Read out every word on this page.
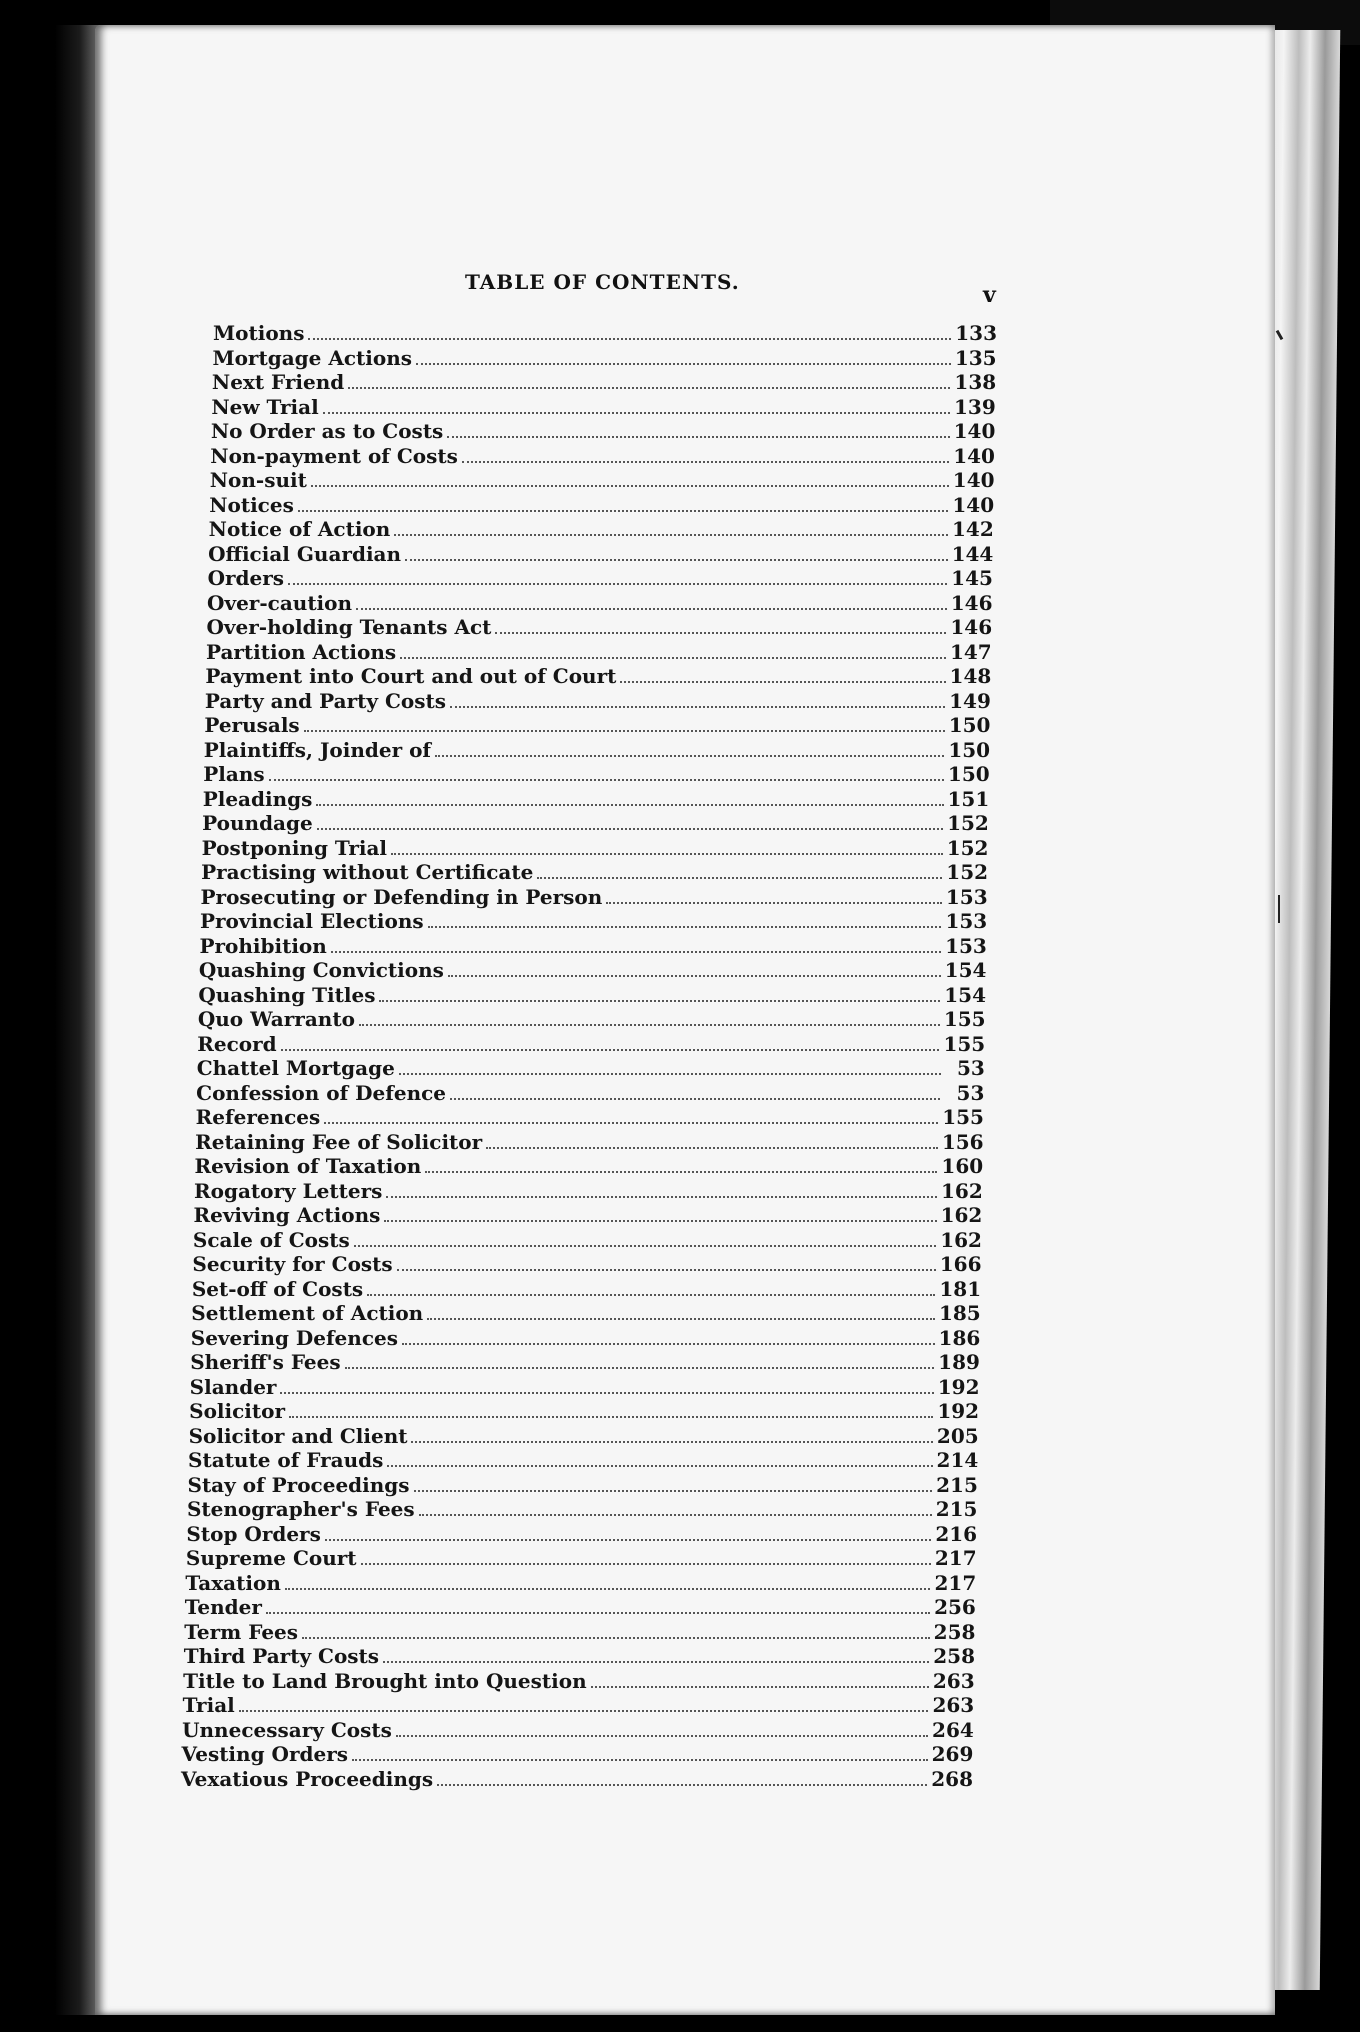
TABLE OF CONTENTS.	v
Motions	133
Mortgage Actions	135
Next Friend	138
New Trial	139
No Order as to Costs	140
Non-payment of Costs	140
Non-suit	140
Notices	140
Notice of Action	142
Official Guardian	144
Orders	145
Over-caution	146
Over-holding Tenants Act	146
Partition Actions	147
Payment into Court and out of Court	148
Party and Party Costs	149
Perusals	150
Plaintiffs, Joinder of	150
Plans	150
Pleadings	151
Poundage	152
Postponing Trial	152
Practising without Certificate	152
Prosecuting or Defending in Person	153
Provincial Elections	153
Prohibition	153
Quashing Convictions	154
Quashing Titles	154
Quo Warranto	155
Record	155
Chattel Mortgage	53
Confession of Defence	53
References	155
Retaining Fee of Solicitor	156
Revision of Taxation	160
Rogatory Letters	162
Reviving Actions	162
Scale of Costs	162
Security for Costs	166
Set-off of Costs	181
Settlement of Action	185
Severing Defences	186
Sheriff's Fees	189
Slander	192
Solicitor	192
Solicitor and Client	205
Statute of Frauds	214
Stay of Proceedings	215
Stenographer's Fees	215
Stop Orders	216
Supreme Court	217
Taxation	217
Tender	256
Term Fees	258
Third Party Costs	258
Title to Land Brought into Question	263
Trial	263
Unnecessary Costs	264
Vesting Orders	269
Vexatious Proceedings	268
